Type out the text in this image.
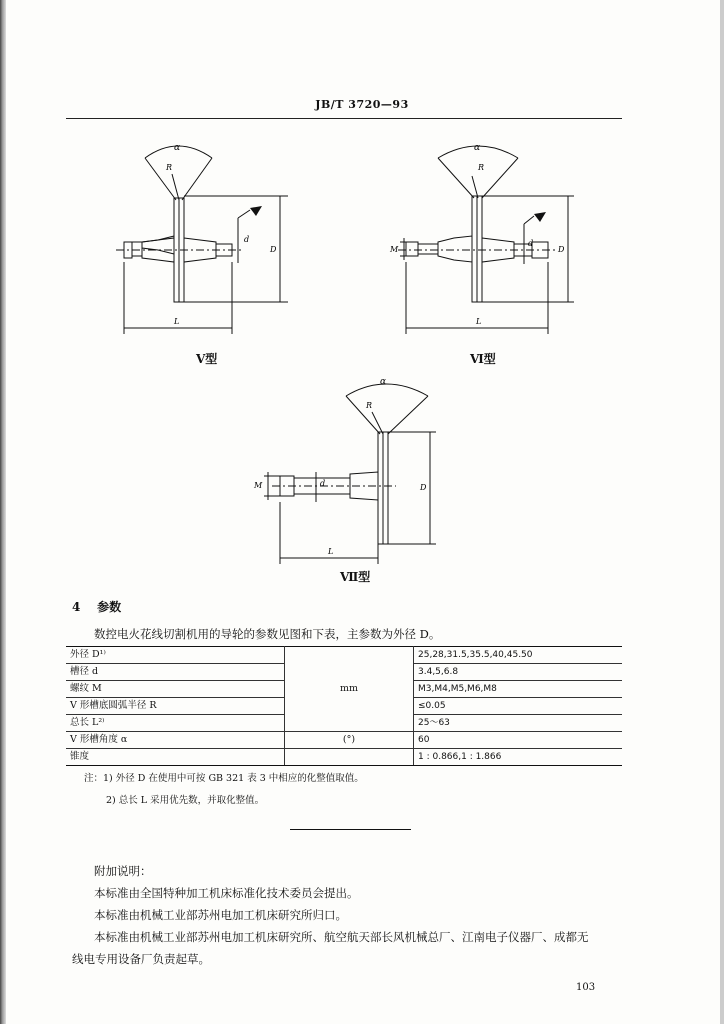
JB/T 3720—93
α
R
d
D
L
Ⅴ型
α
R
M
d
D
L
Ⅵ型
α
R
M	d	D
L
Ⅶ型
4 参数
数控电火花线切割机用的导轮的参数见图和下表，主参数为外径 D。
外径 D¹⁾	mm	25,28,31.5,35.5,40,45.50
槽径 d		3.4,5,6.8
螺纹 M		M3,M4,M5,M6,M8
V 形槽底圆弧半径 R		≤0.05
总长 L²⁾		25～63
V 形槽角度 α	(°)	60
锥度		1 : 0.866,1 : 1.866
注：1) 外径 D 在使用中可按 GB 321 表 3 中相应的化整值取值。
2) 总长 L 采用优先数，并取化整值。
附加说明：
本标准由全国特种加工机床标准化技术委员会提出。
本标准由机械工业部苏州电加工机床研究所归口。
本标准由机械工业部苏州电加工机床研究所、航空航天部长风机械总厂、江南电子仪器厂、成都无
线电专用设备厂负责起草。
103
